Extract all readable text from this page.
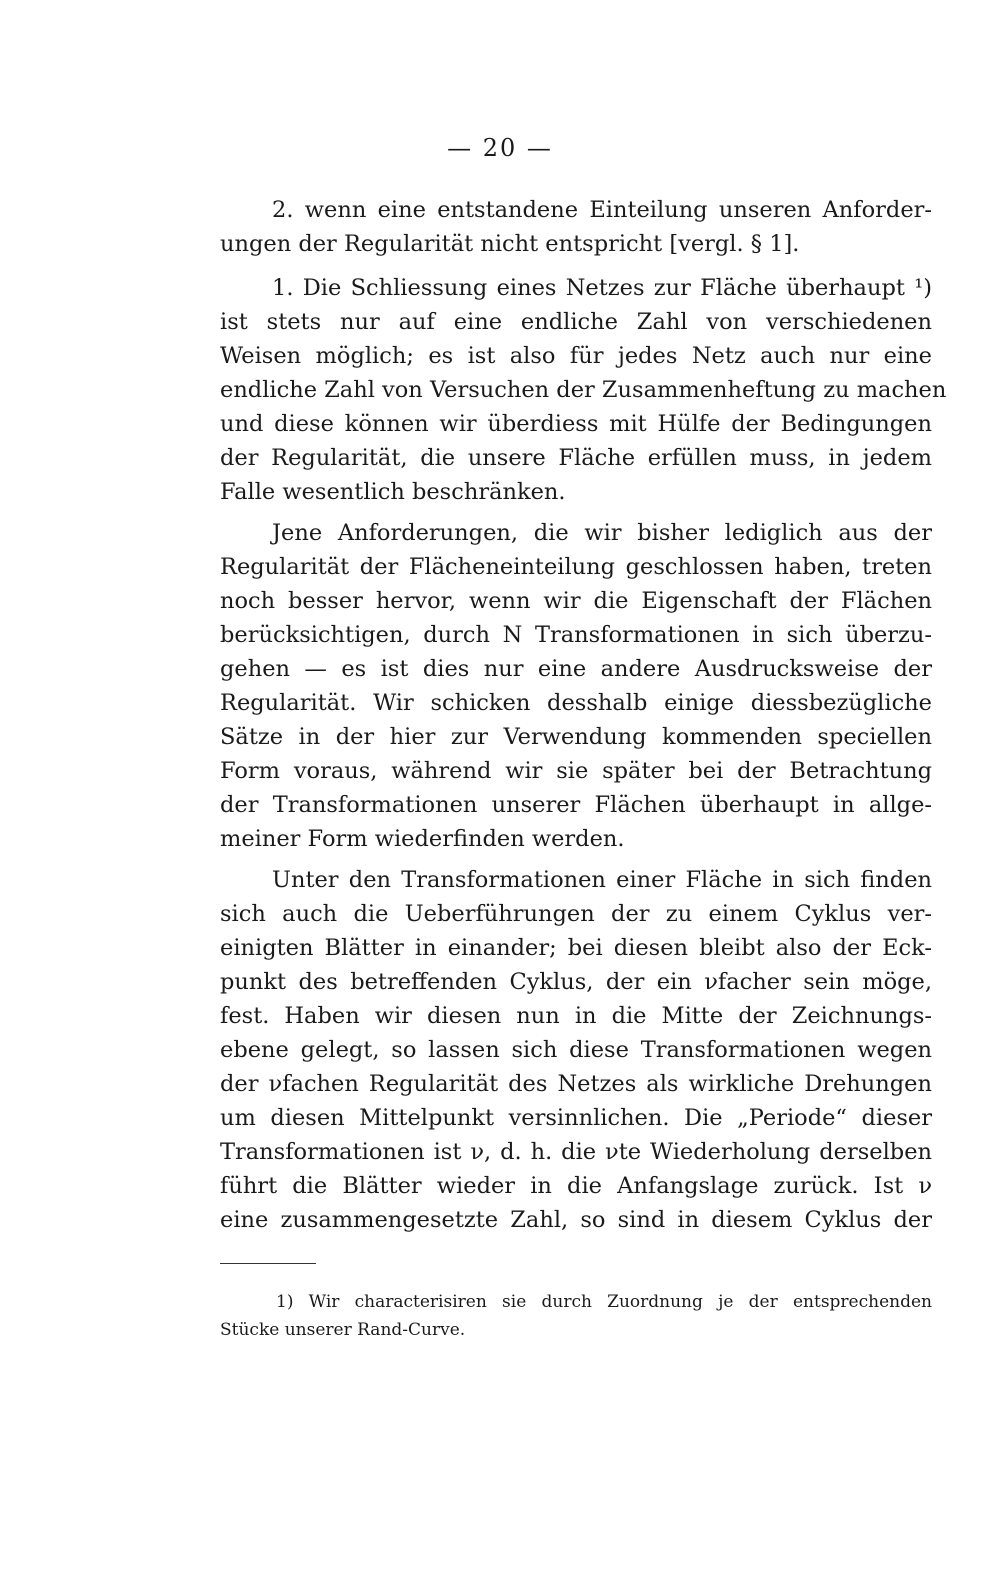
— 20 —
2. wenn eine entstandene Einteilung unseren Anforder-
ungen der Regularität nicht entspricht [vergl. § 1].
1. Die Schliessung eines Netzes zur Fläche überhaupt ¹)
ist stets nur auf eine endliche Zahl von verschiedenen
Weisen möglich; es ist also für jedes Netz auch nur eine
endliche Zahl von Versuchen der Zusammenheftung zu machen
und diese können wir überdiess mit Hülfe der Bedingungen
der Regularität, die unsere Fläche erfüllen muss, in jedem
Falle wesentlich beschränken.
Jene Anforderungen, die wir bisher lediglich aus der
Regularität der Flächeneinteilung geschlossen haben, treten
noch besser hervor, wenn wir die Eigenschaft der Flächen
berücksichtigen, durch N Transformationen in sich überzu-
gehen — es ist dies nur eine andere Ausdrucksweise der
Regularität. Wir schicken desshalb einige diessbezügliche
Sätze in der hier zur Verwendung kommenden speciellen
Form voraus, während wir sie später bei der Betrachtung
der Transformationen unserer Flächen überhaupt in allge-
meiner Form wiederfinden werden.
Unter den Transformationen einer Fläche in sich finden
sich auch die Ueberführungen der zu einem Cyklus ver-
einigten Blätter in einander; bei diesen bleibt also der Eck-
punkt des betreffenden Cyklus, der ein νfacher sein möge,
fest. Haben wir diesen nun in die Mitte der Zeichnungs-
ebene gelegt, so lassen sich diese Transformationen wegen
der νfachen Regularität des Netzes als wirkliche Drehungen
um diesen Mittelpunkt versinnlichen. Die „Periode“ dieser
Transformationen ist ν, d. h. die νte Wiederholung derselben
führt die Blätter wieder in die Anfangslage zurück. Ist ν
eine zusammengesetzte Zahl, so sind in diesem Cyklus der
1) Wir characterisiren sie durch Zuordnung je der entsprechenden
Stücke unserer Rand-Curve.
